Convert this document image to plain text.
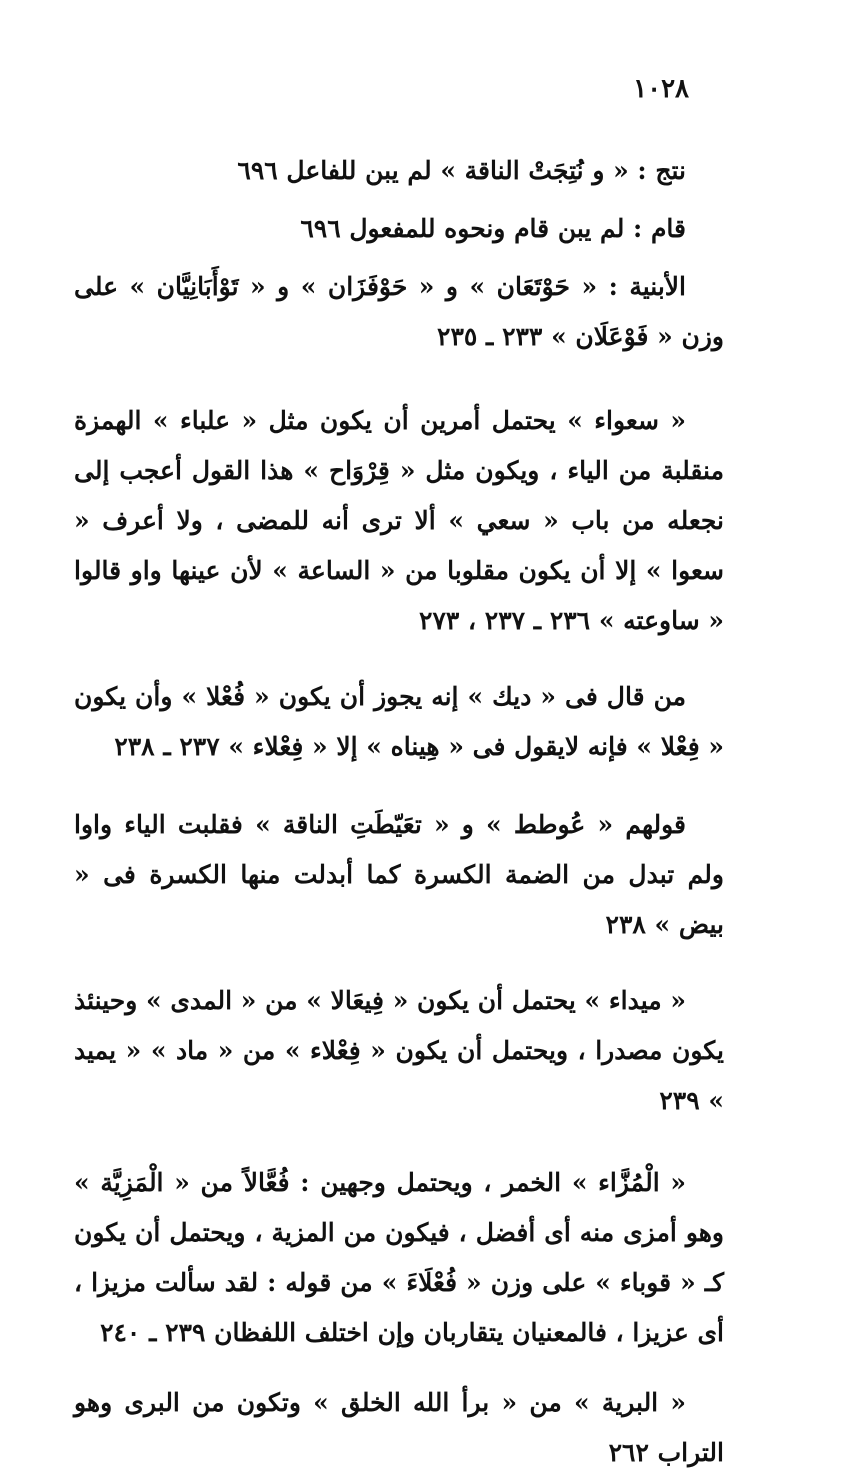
١٠٢٨

نتج : « و نُتِجَتْ الناقة » لم يبن للفاعل ٦٩٦

قام : لم يبن قام ونحوه للمفعول ٦٩٦

الأبنية : « حَوْتَعَان » و « حَوْفَزَان » و « تَوْأَبَانِيَّان » على وزن « فَوْعَلَان » ٢٣٣ ـ ٢٣٥

« سعواء » يحتمل أمرين أن يكون مثل « علباء » الهمزة منقلبة من الياء ، ويكون مثل « قِرْوَاح » هذا القول أعجب إلى نجعله من باب « سعي » ألا ترى أنه للمضى ، ولا أعرف « سعوا » إلا أن يكون مقلوبا من « الساعة » لأن عينها واو قالوا « ساوعته » ٢٣٦ ـ ٢٣٧ ، ٢٧٣

من قال فى « ديك » إنه يجوز أن يكون « فُعْلا » وأن يكون « فِعْلا » فإنه لايقول فى « هِيناه » إلا « فِعْلاء » ٢٣٧ ـ ٢٣٨

قولهم « عُوطط » و « تعَيّطَتِ الناقة » فقلبت الياء واوا ولم تبدل من الضمة الكسرة كما أبدلت منها الكسرة فى « بيض » ٢٣٨

« ميداء » يحتمل أن يكون « فِيعَالا » من « المدى » وحينئذ يكون مصدرا ، ويحتمل أن يكون « فِعْلاء » من « ماد » « يميد » ٢٣٩

« الْمُزَّاء » الخمر ، ويحتمل وجهين : فُعَّالاً من « الْمَزِيَّة » وهو أمزى منه أى أفضل ، فيكون من المزية ، ويحتمل أن يكون كـ « قوباء » على وزن « فُعْلَاءَ » من قوله : لقد سألت مزيزا ، أى عزيزا ، فالمعنيان يتقاربان وإن اختلف اللفظان ٢٣٩ ـ ٢٤٠

« البرية » من « برأ الله الخلق » وتكون من البرى وهو التراب ٢٦٢
